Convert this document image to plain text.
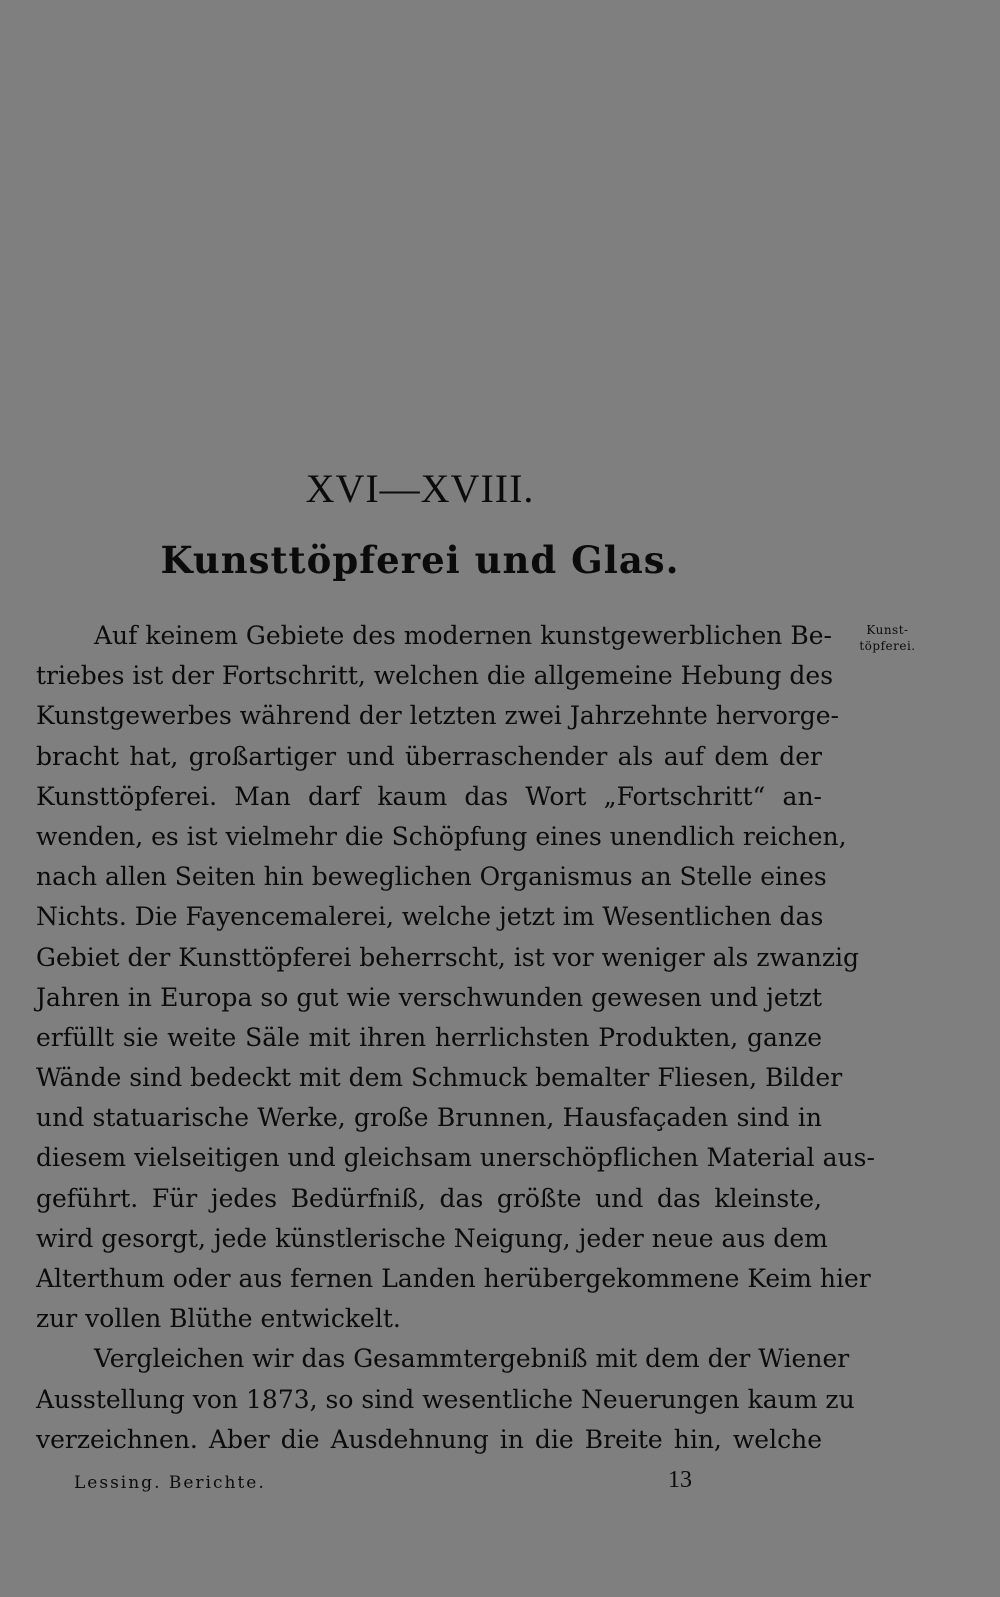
XVI—XVIII.
Kunsttöpferei und Glas.
Kunst-
töpferei.
Auf keinem Gebiete des modernen kunstgewerblichen Be-
triebes ist der Fortschritt, welchen die allgemeine Hebung des
Kunstgewerbes während der letzten zwei Jahrzehnte hervorge-
bracht hat, großartiger und überraschender als auf dem der
Kunsttöpferei. Man darf kaum das Wort „Fortschritt“ an-
wenden, es ist vielmehr die Schöpfung eines unendlich reichen,
nach allen Seiten hin beweglichen Organismus an Stelle eines
Nichts. Die Fayencemalerei, welche jetzt im Wesentlichen das
Gebiet der Kunsttöpferei beherrscht, ist vor weniger als zwanzig
Jahren in Europa so gut wie verschwunden gewesen und jetzt
erfüllt sie weite Säle mit ihren herrlichsten Produkten, ganze
Wände sind bedeckt mit dem Schmuck bemalter Fliesen, Bilder
und statuarische Werke, große Brunnen, Hausfaçaden sind in
diesem vielseitigen und gleichsam unerschöpflichen Material aus-
geführt. Für jedes Bedürfniß, das größte und das kleinste,
wird gesorgt, jede künstlerische Neigung, jeder neue aus dem
Alterthum oder aus fernen Landen herübergekommene Keim hier
zur vollen Blüthe entwickelt.
Vergleichen wir das Gesammtergebniß mit dem der Wiener
Ausstellung von 1873, so sind wesentliche Neuerungen kaum zu
verzeichnen. Aber die Ausdehnung in die Breite hin, welche
Lessing. Berichte.	13
